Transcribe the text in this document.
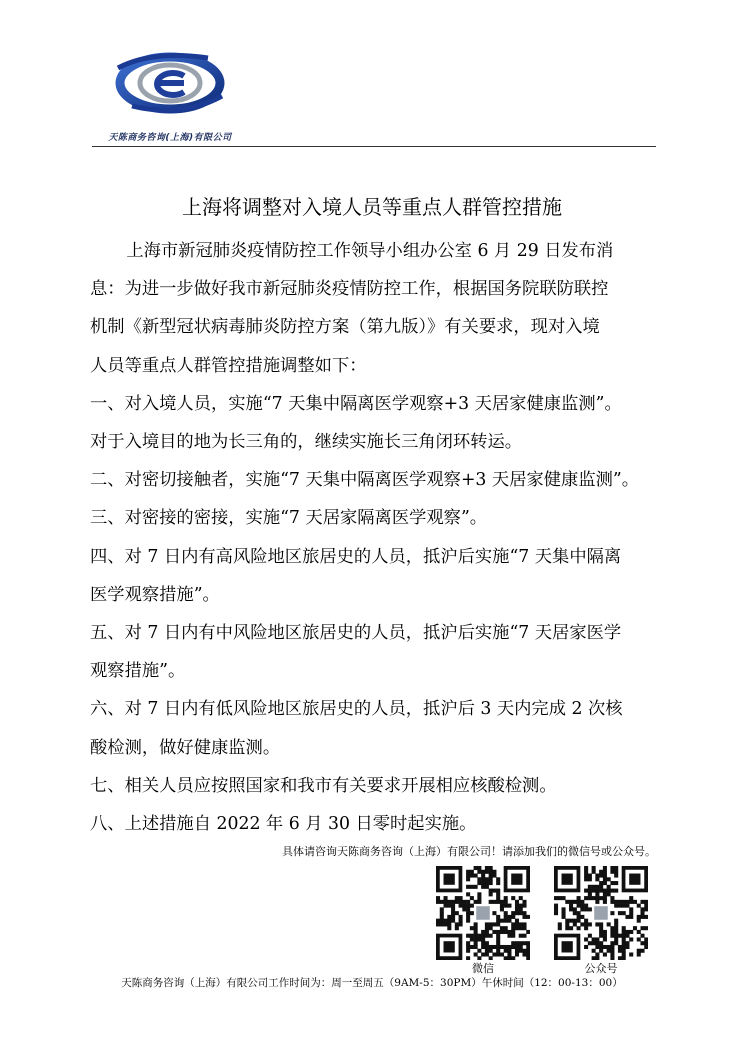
天陈商务咨询(上海)有限公司
上海将调整对入境人员等重点人群管控措施

上海市新冠肺炎疫情防控工作领导小组办公室 6 月 29 日发布消

息：为进一步做好我市新冠肺炎疫情防控工作，根据国务院联防联控

机制《新型冠状病毒肺炎防控方案（第九版）》有关要求，现对入境

人员等重点人群管控措施调整如下：

一、对入境人员，实施“7 天集中隔离医学观察+3 天居家健康监测”。

对于入境目的地为长三角的，继续实施长三角闭环转运。

二、对密切接触者，实施“7 天集中隔离医学观察+3 天居家健康监测”。

三、对密接的密接，实施“7 天居家隔离医学观察”。

四、对 7 日内有高风险地区旅居史的人员，抵沪后实施“7 天集中隔离

医学观察措施”。

五、对 7 日内有中风险地区旅居史的人员，抵沪后实施“7 天居家医学

观察措施”。

六、对 7 日内有低风险地区旅居史的人员，抵沪后 3 天内完成 2 次核

酸检测，做好健康监测。

七、相关人员应按照国家和我市有关要求开展相应核酸检测。

八、上述措施自 2022 年 6 月 30 日零时起实施。

具体请咨询天陈商务咨询（上海）有限公司！请添加我们的微信号或公众号。
微信	公众号
天陈商务咨询（上海）有限公司工作时间为：周一至周五（9AM-5：30PM）午休时间（12：00-13：00）
